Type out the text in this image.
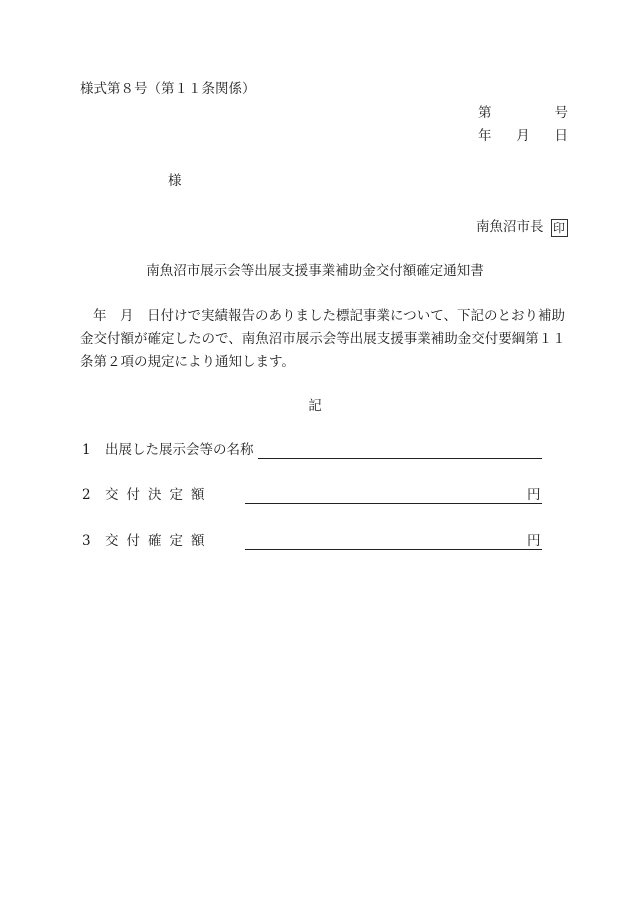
様式第８号（第１１条関係）
第	号
年 月 日
様
南魚沼市長 印
南魚沼市展示会等出展支援事業補助金交付額確定通知書
年　月　日付けで実績報告のありました標記事業について、下記のとおり補助金交付額が確定したので、南魚沼市展示会等出展支援事業補助金交付要綱第１１条第２項の規定により通知します。
記
1	出展した展示会等の名称
2	交付決定額	円
3	交付確定額	円
